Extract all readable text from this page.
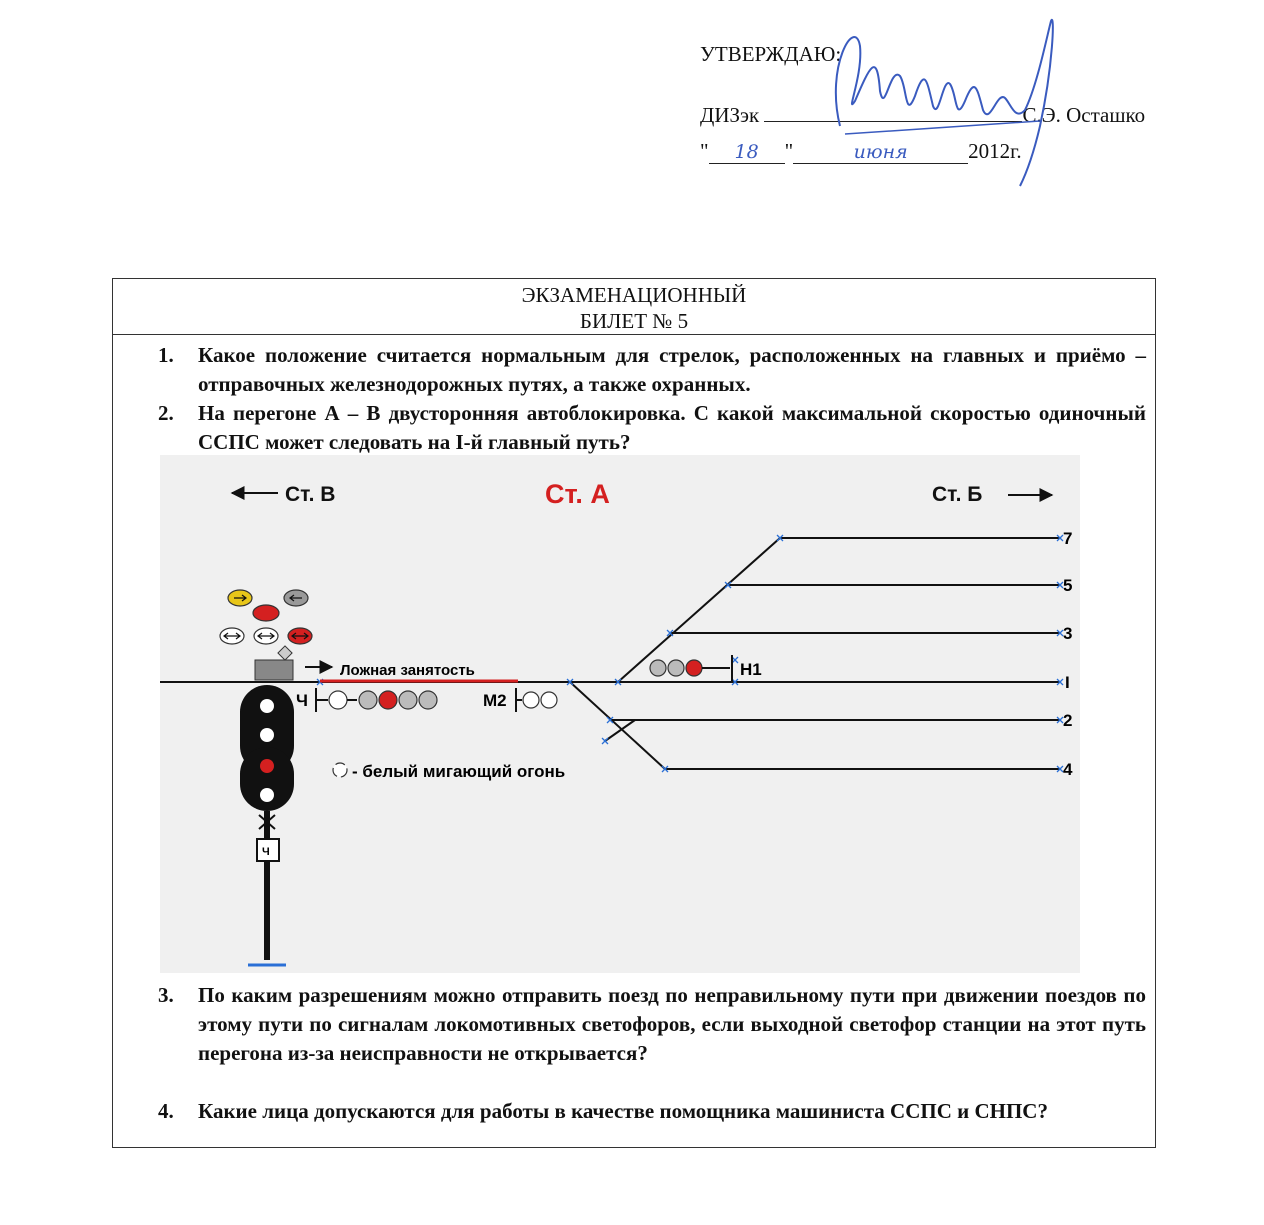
УТВЕРЖДАЮ:
ДИЗэк	С.Э. Осташко
" 18 "	июня	2012г.
ЭКЗАМЕНАЦИОННЫЙ
БИЛЕТ № 5
1.	Какое положение считается нормальным для стрелок, расположенных на главных и приёмо – отправочных железнодорожных путях, а также охранных.
2.	На перегоне А – В двусторонняя автоблокировка. С какой максимальной скоростью одиночный ССПС может следовать на I-й главный путь?
3.	По каким разрешениям можно отправить поезд по неправильному пути при движении поездов по этому пути по сигналам локомотивных светофоров, если выходной светофор станции на этот путь перегона из-за неисправности не открывается?
4.	Какие лица допускаются для работы в качестве помощника машиниста ССПС и СНПС?
Ст. В	Ст. А	Ст. Б
7
5
3
I
2
4
Ложная занятость
Ч	М2
Н1
- белый мигающий огонь
Ч
